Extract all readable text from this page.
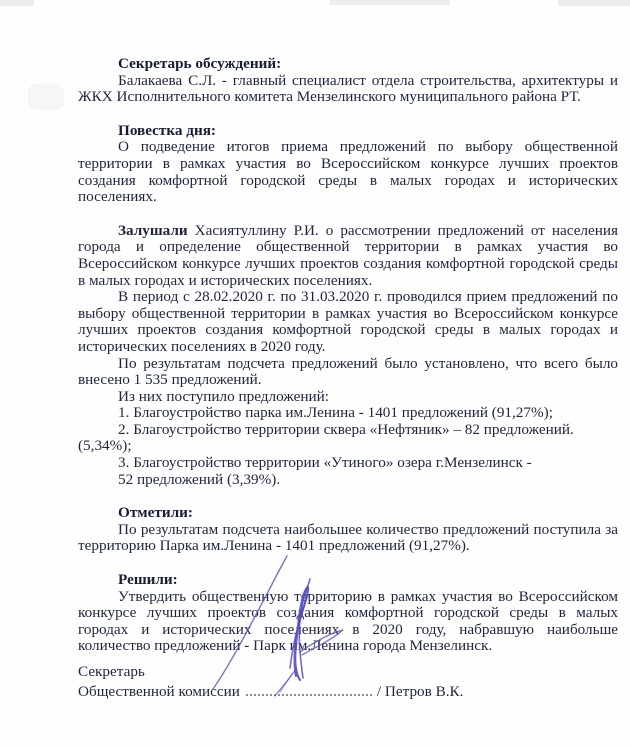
Секретарь обсуждений:

Балакаева С.Л. - главный специалист отдела строительства, архитектуры и ЖКХ Исполнительного комитета Мензелинского муниципального района РТ.

Повестка дня:

О подведение итогов приема предложений по выбору общественной территории в рамках участия во Всероссийском конкурсе лучших проектов создания комфортной городской среды в малых городах и исторических поселениях.

Залушали Хасиятуллину Р.И. о рассмотрении предложений от населения города и определение общественной территории в рамках участия во Всероссийском конкурсе лучших проектов создания комфортной городской среды в малых городах и исторических поселениях.

В период с 28.02.2020 г. по 31.03.2020 г. проводился прием предложений по выбору общественной территории в рамках участия во Всероссийском конкурсе лучших проектов создания комфортной городской среды в малых городах и исторических поселениях в 2020 году.

По результатам подсчета предложений было установлено, что всего было внесено 1 535 предложений.

Из них поступило предложений:

1. Благоустройство парка им.Ленина - 1401 предложений (91,27%);

2. Благоустройство территории сквера «Нефтяник» – 82 предложений. (5,34%);

3. Благоустройство территории «Утиного» озера г.Мензелинск -

52 предложений (3,39%).

Отметили:

По результатам подсчета наибольшее количество предложений поступила за территорию Парка им.Ленина - 1401 предложений (91,27%).

Решили:

Утвердить общественную территорию в рамках участия во Всероссийском конкурсе лучших проектов создания комфортной городской среды в малых городах и исторических поселениях в 2020 году, набравшую наибольше количество предложений - Парк им.Ленина города Мензелинск.

Секретарь

Общественной комиссии	/ Петров В.К.
